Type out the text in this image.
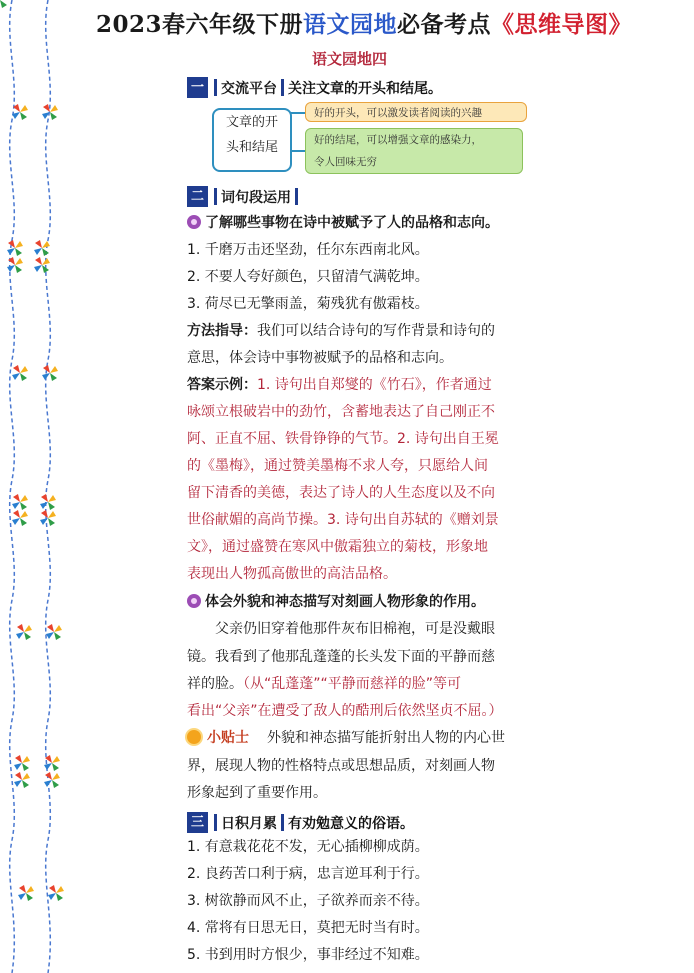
2023春六年级下册语文园地必备考点《思维导图》
语文园地四
一 交流平台 关注文章的开头和结尾。
文章的开
头和结尾
好的开头，可以激发读者阅读的兴趣
好的结尾，可以增强文章的感染力，
令人回味无穷
二 词句段运用
了解哪些事物在诗中被赋予了人的品格和志向。
1. 千磨万击还坚劲，任尔东西南北风。
2. 不要人夸好颜色，只留清气满乾坤。
3. 荷尽已无擎雨盖，菊残犹有傲霜枝。
方法指导：我们可以结合诗句的写作背景和诗句的
意思，体会诗中事物被赋予的品格和志向。
答案示例：1. 诗句出自郑燮的《竹石》，作者通过
咏颂立根破岩中的劲竹，含蓄地表达了自己刚正不
阿、正直不屈、铁骨铮铮的气节。2. 诗句出自王冕
的《墨梅》，通过赞美墨梅不求人夸，只愿给人间
留下清香的美德，表达了诗人的人生态度以及不向
世俗献媚的高尚节操。3. 诗句出自苏轼的《赠刘景
文》，通过盛赞在寒风中傲霜独立的菊枝，形象地
表现出人物孤高傲世的高洁品格。
体会外貌和神态描写对刻画人物形象的作用。
父亲仍旧穿着他那件灰布旧棉袍，可是没戴眼
镜。我看到了他那乱蓬蓬的长头发下面的平静而慈
祥的脸。（从“乱蓬蓬”“平静而慈祥的脸”等可
看出“父亲”在遭受了敌人的酷刑后依然坚贞不屈。）
小贴士 外貌和神态描写能折射出人物的内心世
界，展现人物的性格特点或思想品质，对刻画人物
形象起到了重要作用。
三 日积月累 有劝勉意义的俗语。
1. 有意栽花花不发，无心插柳柳成荫。
2. 良药苦口利于病，忠言逆耳利于行。
3. 树欲静而风不止，子欲养而亲不待。
4. 常将有日思无日，莫把无时当有时。
5. 书到用时方恨少，事非经过不知难。
